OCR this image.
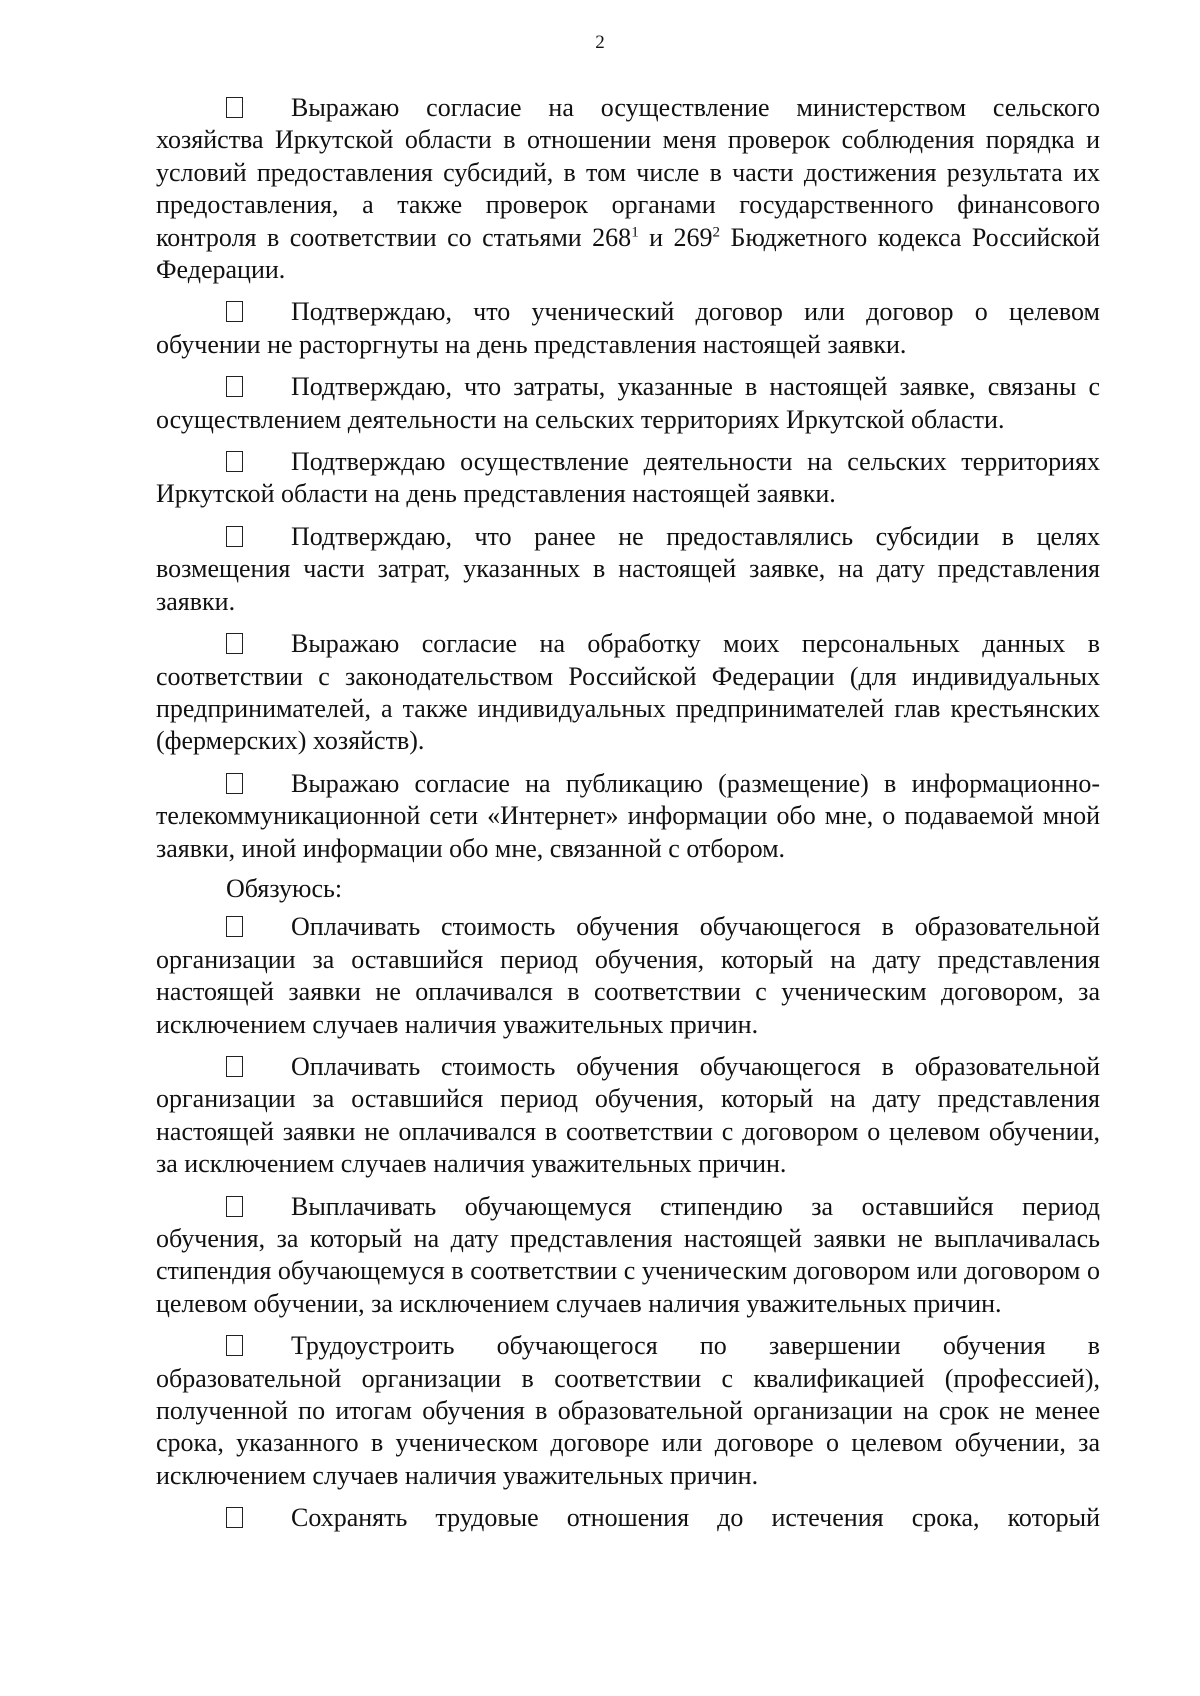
2
Выражаю согласие на осуществление министерством сельского хозяйства Иркутской области в отношении меня проверок соблюдения порядка и условий предоставления субсидий, в том числе в части достижения результата их предоставления, а также проверок органами государственного финансового контроля в соответствии со статьями $268^1$ и $269^2$ Бюджетного кодекса Российской Федерации.
Подтверждаю, что ученический договор или договор о целевом обучении не расторгнуты на день представления настоящей заявки.
Подтверждаю, что затраты, указанные в настоящей заявке, связаны с осуществлением деятельности на сельских территориях Иркутской области.
Подтверждаю осуществление деятельности на сельских территориях Иркутской области на день представления настоящей заявки.
Подтверждаю, что ранее не предоставлялись субсидии в целях возмещения части затрат, указанных в настоящей заявке, на дату представления заявки.
Выражаю согласие на обработку моих персональных данных в соответствии с законодательством Российской Федерации (для индивидуальных предпринимателей, а также индивидуальных предпринимателей глав крестьянских (фермерских) хозяйств).
Выражаю согласие на публикацию (размещение) в информационно-телекоммуникационной сети «Интернет» информации обо мне, о подаваемой мной заявки, иной информации обо мне, связанной с отбором.
Обязуюсь:
Оплачивать стоимость обучения обучающегося в образовательной организации за оставшийся период обучения, который на дату представления настоящей заявки не оплачивался в соответствии с ученическим договором, за исключением случаев наличия уважительных причин.
Оплачивать стоимость обучения обучающегося в образовательной организации за оставшийся период обучения, который на дату представления настоящей заявки не оплачивался в соответствии с договором о целевом обучении, за исключением случаев наличия уважительных причин.
Выплачивать обучающемуся стипендию за оставшийся период обучения, за который на дату представления настоящей заявки не выплачивалась стипендия обучающемуся в соответствии с ученическим договором или договором о целевом обучении, за исключением случаев наличия уважительных причин.
Трудоустроить обучающегося по завершении обучения в образовательной организации в соответствии с квалификацией (профессией), полученной по итогам обучения в образовательной организации на срок не менее срока, указанного в ученическом договоре или договоре о целевом обучении, за исключением случаев наличия уважительных причин.
Сохранять трудовые отношения до истечения срока, который
